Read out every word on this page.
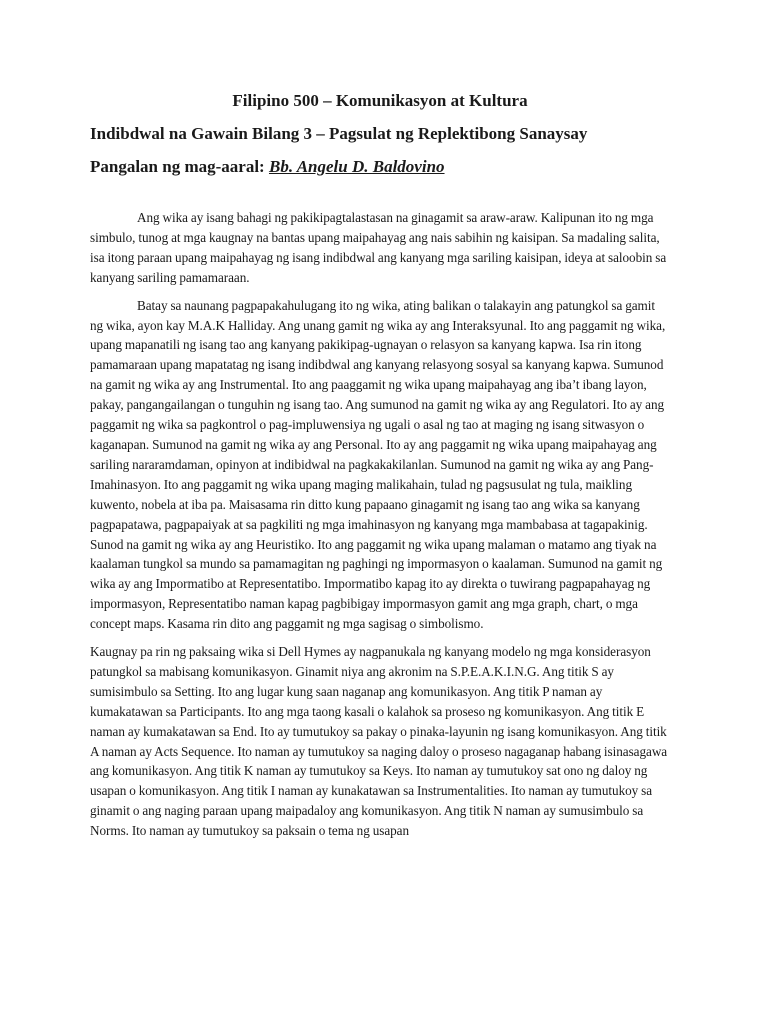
Filipino 500 – Komunikasyon at Kultura
Indibdwal na Gawain Bilang 3 – Pagsulat ng Replektibong Sanaysay
Pangalan ng mag-aaral: Bb. Angelu D. Baldovino

Ang wika ay isang bahagi ng pakikipagtalastasan na ginagamit sa araw-araw. Kalipunan ito ng mga simbulo, tunog at mga kaugnay na bantas upang maipahayag ang nais sabihin ng kaisipan. Sa madaling salita, isa itong paraan upang maipahayag ng isang indibdwal ang kanyang mga sariling kaisipan, ideya at saloobin sa kanyang sariling pamamaraan.

Batay sa naunang pagpapakahulugang ito ng wika, ating balikan o talakayin ang patungkol sa gamit ng wika, ayon kay M.A.K Halliday. Ang unang gamit ng wika ay ang Interaksyunal. Ito ang paggamit ng wika, upang mapanatili ng isang tao ang kanyang pakikipag-ugnayan o relasyon sa kanyang kapwa. Isa rin itong pamamaraan upang mapatatag ng isang indibdwal ang kanyang relasyong sosyal sa kanyang kapwa. Sumunod na gamit ng wika ay ang Instrumental. Ito ang paaggamit ng wika upang maipahayag ang iba’t ibang layon, pakay, pangangailangan o tunguhin ng isang tao. Ang sumunod na gamit ng wika ay ang Regulatori. Ito ay ang paggamit ng wika sa pagkontrol o pag-impluwensiya ng ugali o asal ng tao at maging ng isang sitwasyon o kaganapan. Sumunod na gamit ng wika ay ang Personal. Ito ay ang paggamit ng wika upang maipahayag ang sariling nararamdaman, opinyon at indibidwal na pagkakakilanlan. Sumunod na gamit ng wika ay ang Pang-Imahinasyon. Ito ang paggamit ng wika upang maging malikahain, tulad ng pagsusulat ng tula, maikling kuwento, nobela at iba pa. Maisasama rin ditto kung papaano ginagamit ng isang tao ang wika sa kanyang pagpapatawa, pagpapaiyak at sa pagkiliti ng mga imahinasyon ng kanyang mga mambabasa at tagapakinig. Sunod na gamit ng wika ay ang Heuristiko. Ito ang paggamit ng wika upang malaman o matamo ang tiyak na kaalaman tungkol sa mundo sa pamamagitan ng paghingi ng impormasyon o kaalaman. Sumunod na gamit ng wika ay ang Impormatibo at Representatibo. Impormatibo kapag ito ay direkta o tuwirang pagpapahayag ng impormasyon, Representatibo naman kapag pagbibigay impormasyon gamit ang mga graph, chart, o mga concept maps. Kasama rin dito ang paggamit ng mga sagisag o simbolismo.

Kaugnay pa rin ng paksaing wika si Dell Hymes ay nagpanukala ng kanyang modelo ng mga konsiderasyon patungkol sa mabisang komunikasyon. Ginamit niya ang akronim na S.P.E.A.K.I.N.G. Ang titik S ay sumisimbulo sa Setting. Ito ang lugar kung saan naganap ang komunikasyon. Ang titik P naman ay kumakatawan sa Participants. Ito ang mga taong kasali o kalahok sa proseso ng komunikasyon. Ang titik E naman ay kumakatawan sa End. Ito ay tumutukoy sa pakay o pinaka-layunin ng isang komunikasyon. Ang titik A naman ay Acts Sequence. Ito naman ay tumutukoy sa naging daloy o proseso nagaganap habang isinasagawa ang komunikasyon. Ang titik K naman ay tumutukoy sa Keys. Ito naman ay tumutukoy sat ono ng daloy ng usapan o komunikasyon. Ang titik I naman ay kunakatawan sa Instrumentalities. Ito naman ay tumutukoy sa ginamit o ang naging paraan upang maipadaloy ang komunikasyon. Ang titik N naman ay sumusimbulo sa Norms. Ito naman ay tumutukoy sa paksain o tema ng usapan
